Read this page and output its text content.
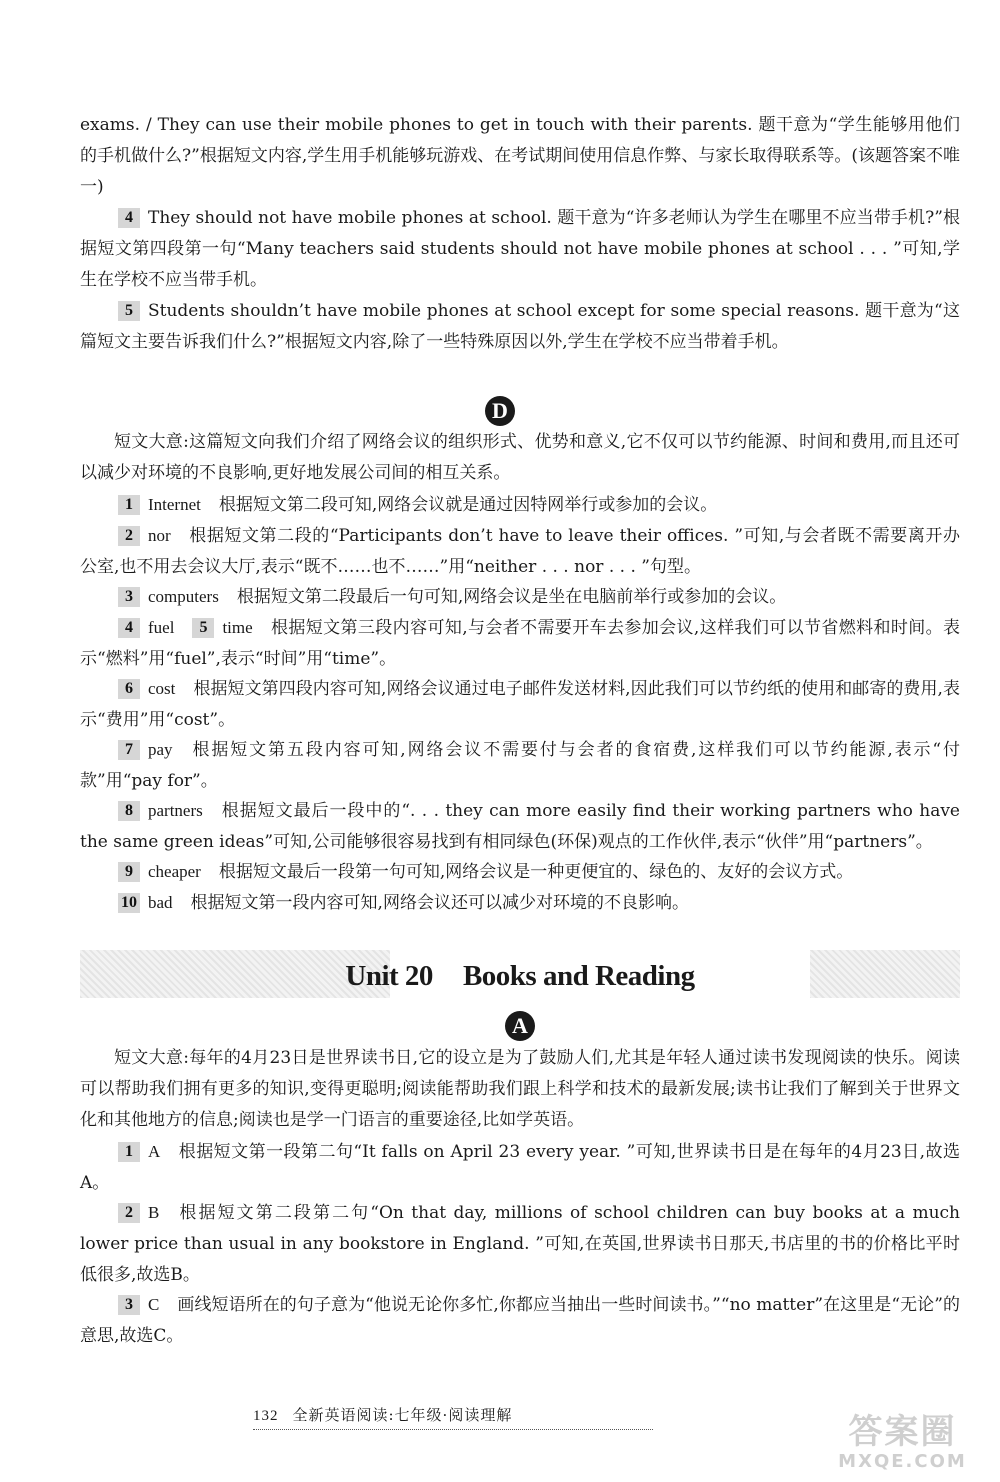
exams. / They can use their mobile phones to get in touch with their parents. 题干意为“学生能够用他们的手机做什么?”根据短文内容,学生用手机能够玩游戏、在考试期间使用信息作弊、与家长取得联系等。(该题答案不唯一)

4 They should not have mobile phones at school. 题干意为“许多老师认为学生在哪里不应当带手机?”根据短文第四段第一句“Many teachers said students should not have mobile phones at school . . . ”可知,学生在学校不应当带手机。

5 Students shouldn’t have mobile phones at school except for some special reasons. 题干意为“这篇短文主要告诉我们什么?”根据短文内容,除了一些特殊原因以外,学生在学校不应当带着手机。

D

短文大意:这篇短文向我们介绍了网络会议的组织形式、优势和意义,它不仅可以节约能源、时间和费用,而且还可以减少对环境的不良影响,更好地发展公司间的相互关系。

1 Internet 根据短文第二段可知,网络会议就是通过因特网举行或参加的会议。

2 nor 根据短文第二段的“Participants don’t have to leave their offices. ”可知,与会者既不需要离开办公室,也不用去会议大厅,表示“既不……也不……”用“neither . . . nor . . . ”句型。

3 computers 根据短文第二段最后一句可知,网络会议是坐在电脑前举行或参加的会议。

4 fuel 5 time 根据短文第三段内容可知,与会者不需要开车去参加会议,这样我们可以节省燃料和时间。表示“燃料”用“fuel”,表示“时间”用“time”。

6 cost 根据短文第四段内容可知,网络会议通过电子邮件发送材料,因此我们可以节约纸的使用和邮寄的费用,表示“费用”用“cost”。

7 pay 根据短文第五段内容可知,网络会议不需要付与会者的食宿费,这样我们可以节约能源,表示“付款”用“pay for”。

8 partners 根据短文最后一段中的“. . . they can more easily find their working partners who have the same green ideas”可知,公司能够很容易找到有相同绿色(环保)观点的工作伙伴,表示“伙伴”用“partners”。

9 cheaper 根据短文最后一段第一句可知,网络会议是一种更便宜的、绿色的、友好的会议方式。

10 bad 根据短文第一段内容可知,网络会议还可以减少对环境的不良影响。

Unit 20 Books and Reading
A

短文大意:每年的4月23日是世界读书日,它的设立是为了鼓励人们,尤其是年轻人通过读书发现阅读的快乐。阅读可以帮助我们拥有更多的知识,变得更聪明;阅读能帮助我们跟上科学和技术的最新发展;读书让我们了解到关于世界文化和其他地方的信息;阅读也是学一门语言的重要途径,比如学英语。

1 A 根据短文第一段第二句“It falls on April 23 every year. ”可知,世界读书日是在每年的4月23日,故选A。

2 B 根据短文第二段第二句“On that day, millions of school children can buy books at a much lower price than usual in any bookstore in England. ”可知,在英国,世界读书日那天,书店里的书的价格比平时低很多,故选B。

3 C 画线短语所在的句子意为“他说无论你多忙,你都应当抽出一些时间读书。”“no matter”在这里是“无论”的意思,故选C。

132 全新英语阅读:七年级·阅读理解	答案圈
MXQE.COM
